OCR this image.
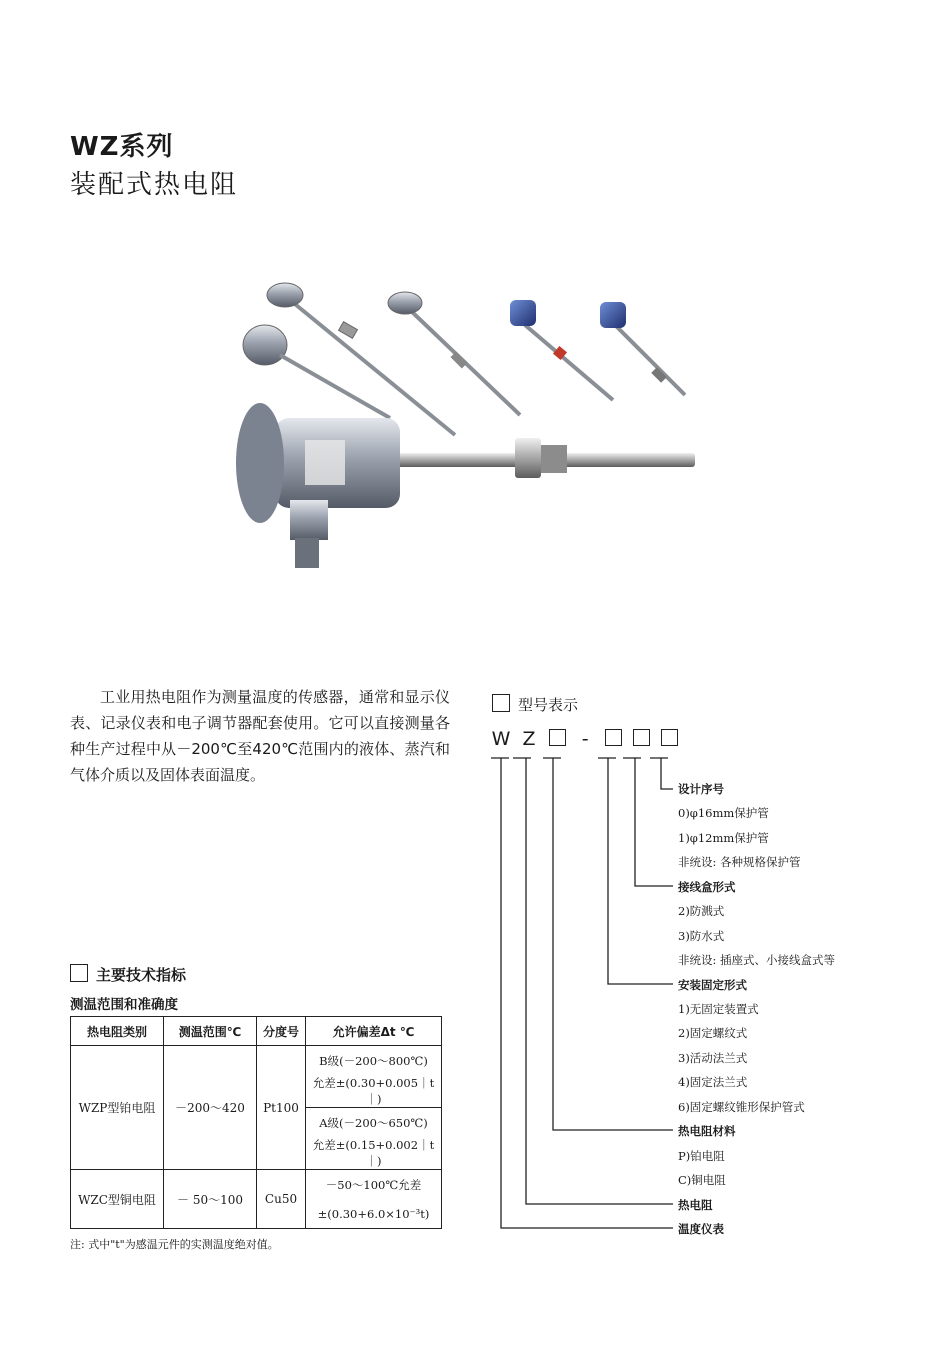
WZ系列
装配式热电阻
工业用热电阻作为测量温度的传感器，通常和显示仪表、记录仪表和电子调节器配套使用。它可以直接测量各种生产过程中从－200℃至420℃范围内的液体、蒸汽和气体介质以及固体表面温度。
型号表示
W Z -
设计序号
0)φ16mm保护管
1)φ12mm保护管
非统设: 各种规格保护管
接线盒形式
2)防溅式
3)防水式
非统设: 插座式、小接线盒式等
安装固定形式
1)无固定装置式
2)固定螺纹式
3)活动法兰式
4)固定法兰式
6)固定螺纹锥形保护管式
热电阻材料
P)铂电阻
C)铜电阻
热电阻
温度仪表
主要技术指标
测温范围和准确度
热电阻类别	测温范围℃	分度号	允许偏差Δt ℃
WZP型铂电阻	－200～420	Pt100	B级(－200～800℃)
			允差±(0.30+0.005｜t｜)
			A级(－200～650℃)
			允差±(0.15+0.002｜t｜)
WZC型铜电阻	－ 50～100	Cu50	－50～100℃允差
			±(0.30+6.0×10⁻³t)
注: 式中"t"为感温元件的实测温度绝对值。
